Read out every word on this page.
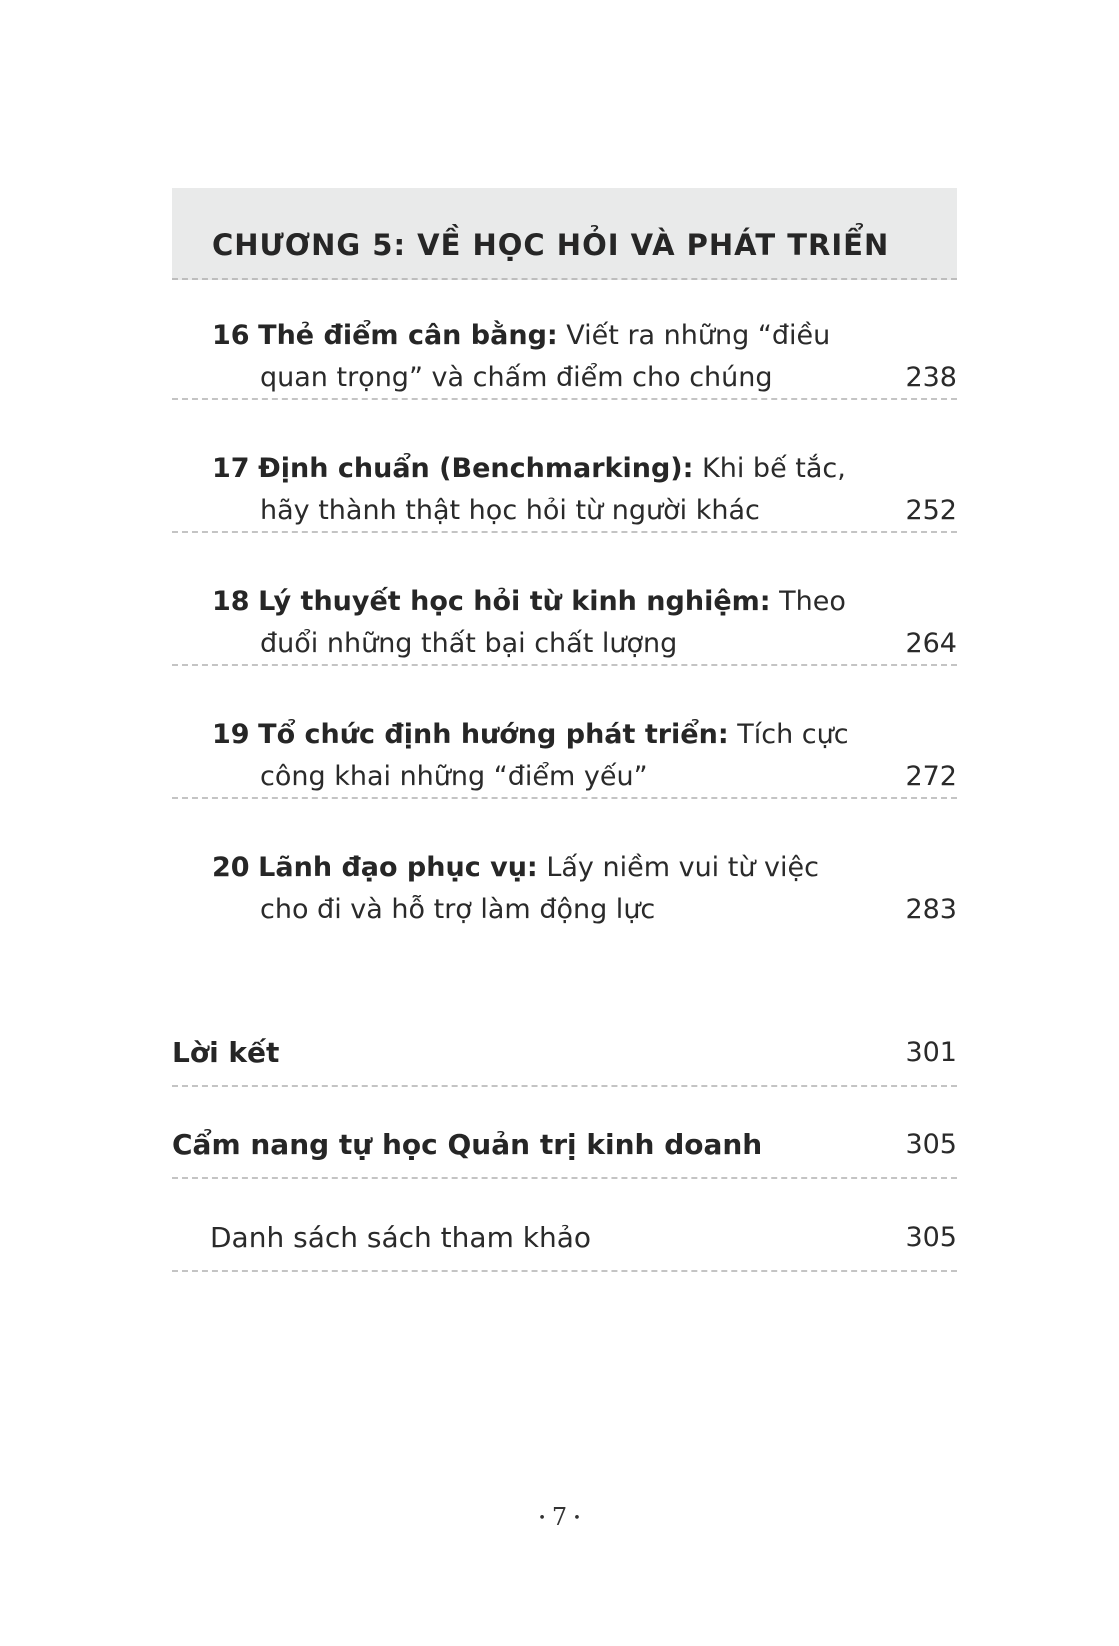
CHƯƠNG 5: VỀ HỌC HỎI VÀ PHÁT TRIỂN
16 Thẻ điểm cân bằng: Viết ra những “điều
quan trọng” và chấm điểm cho chúng	238
17 Định chuẩn (Benchmarking): Khi bế tắc,
hãy thành thật học hỏi từ người khác	252
18 Lý thuyết học hỏi từ kinh nghiệm: Theo
đuổi những thất bại chất lượng	264
19 Tổ chức định hướng phát triển: Tích cực
công khai những “điểm yếu”	272
20 Lãnh đạo phục vụ: Lấy niềm vui từ việc
cho đi và hỗ trợ làm động lực	283
Lời kết	301
Cẩm nang tự học Quản trị kinh doanh	305
Danh sách sách tham khảo	305
• 7 •
